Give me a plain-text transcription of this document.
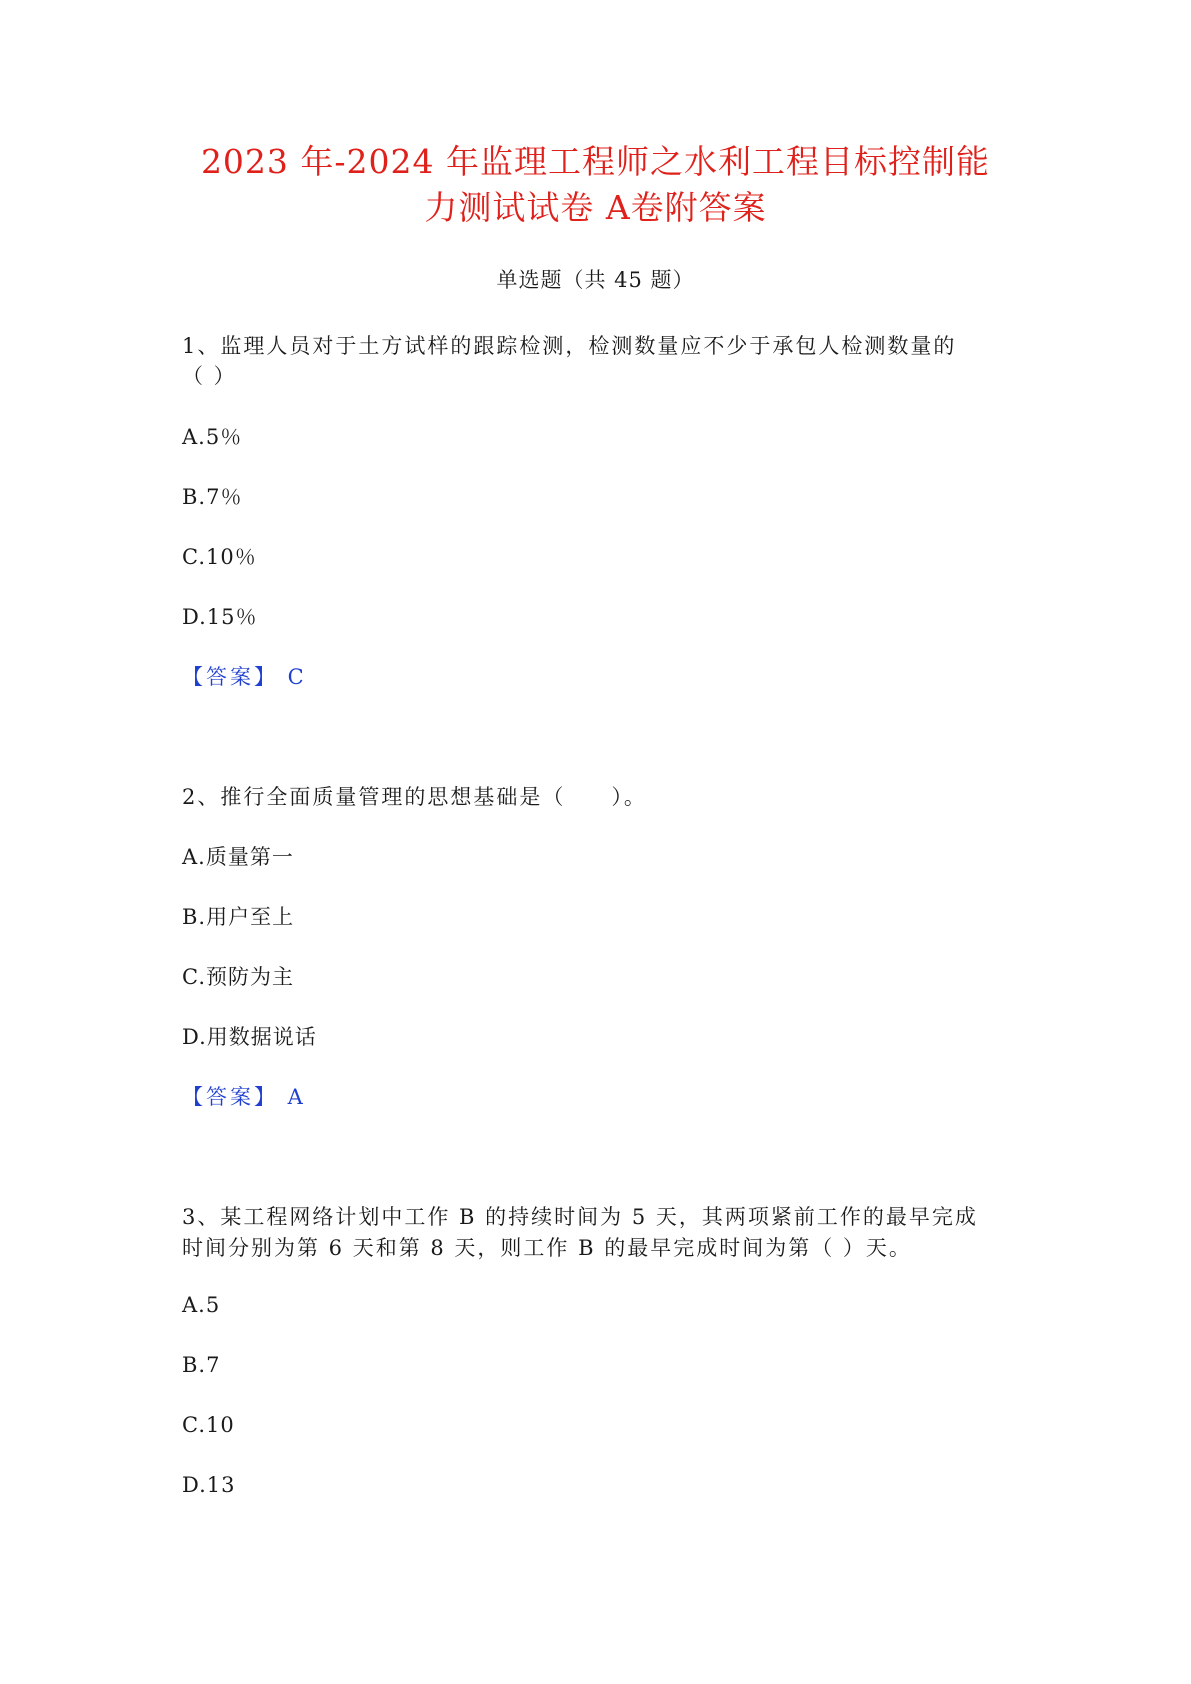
2023 年-2024 年监理工程师之水利工程目标控制能
力测试试卷 A卷附答案
单选题（共 45 题）
1、监理人员对于土方试样的跟踪检测，检测数量应不少于承包人检测数量的
（ ）
A.5％
B.7％
C.10％
D.15％
【答案】 C
2、推行全面质量管理的思想基础是（　　）。
A.质量第一
B.用户至上
C.预防为主
D.用数据说话
【答案】 A
3、某工程网络计划中工作 B 的持续时间为 5 天，其两项紧前工作的最早完成
时间分别为第 6 天和第 8 天，则工作 B 的最早完成时间为第（ ）天。
A.5
B.7
C.10
D.13
